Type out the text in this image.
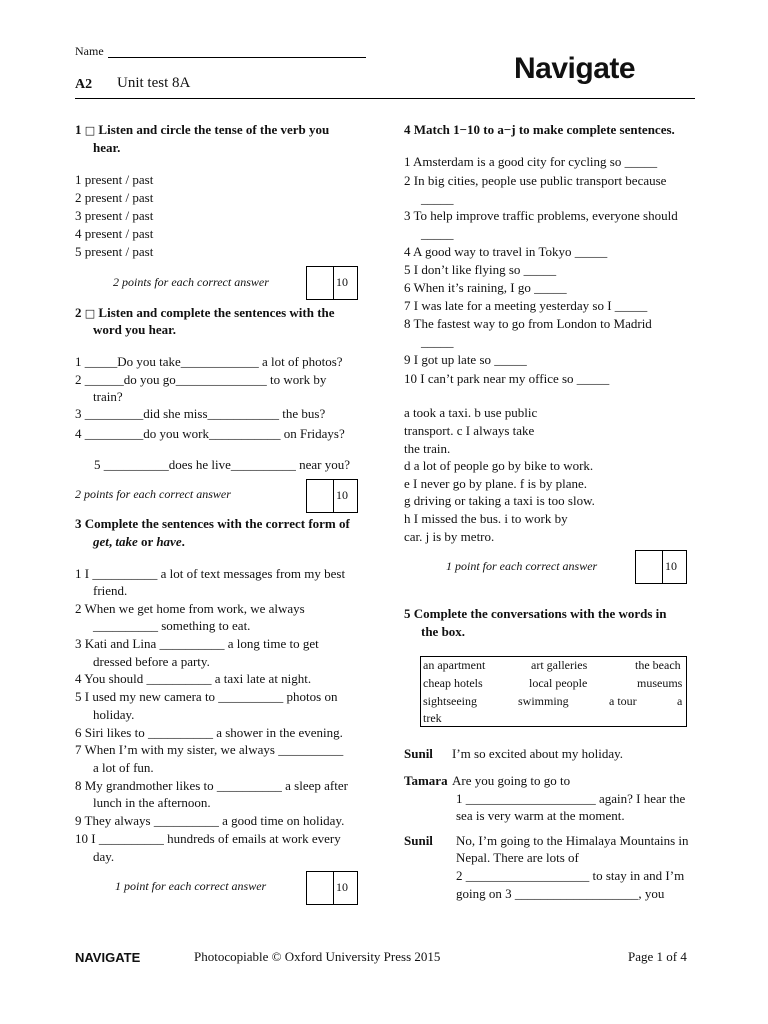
Name
A2 Unit test 8A	Navigate
1 □ Listen and circle the tense of the verb you
hear.
1 present / past
2 present / past
3 present / past
4 present / past
5 present / past
2 points for each correct answer	10
2 □ Listen and complete the sentences with the
word you hear.
1 _____Do you take____________ a lot of photos?
2 ______do you go______________ to work by
train?
3 _________did she miss___________ the bus?
4 _________do you work___________ on Fridays?
5 __________does he live__________ near you?
2 points for each correct answer	10
3 Complete the sentences with the correct form of
get, take or have.
1 I __________ a lot of text messages from my best
friend.
2 When we get home from work, we always
__________ something to eat.
3 Kati and Lina __________ a long time to get
dressed before a party.
4 You should __________ a taxi late at night.
5 I used my new camera to __________ photos on
holiday.
6 Siri likes to __________ a shower in the evening.
7 When I’m with my sister, we always __________
a lot of fun.
8 My grandmother likes to __________ a sleep after
lunch in the afternoon.
9 They always __________ a good time on holiday.
10 I __________ hundreds of emails at work every
day.
1 point for each correct answer	10
4 Match 1−10 to a−j to make complete sentences.
1 Amsterdam is a good city for cycling so _____
2 In big cities, people use public transport because
_____
3 To help improve traffic problems, everyone should
_____
4 A good way to travel in Tokyo _____
5 I don’t like flying so _____
6 When it’s raining, I go _____
7 I was late for a meeting yesterday so I _____
8 The fastest way to go from London to Madrid
_____
9 I got up late so _____
10 I can’t park near my office so _____
a took a taxi. b use public
transport. c I always take
the train.
d a lot of people go by bike to work.
e I never go by plane. f is by plane.
g driving or taking a taxi is too slow.
h I missed the bus. i to work by
car. j is by metro.
1 point for each correct answer	10
5 Complete the conversations with the words in
the box.
an apartment	art galleries	the beach
cheap hotels	local people	museums
sightseeing	swimming	a tour	a
trek
Sunil I’m so excited about my holiday.
Tamara Are you going to go to
1 ____________________ again? I hear the
sea is very warm at the moment.
Sunil No, I’m going to the Himalaya Mountains in
Nepal. There are lots of
2 ___________________ to stay in and I’m
going on 3 ___________________, you
NAVIGATE	Photocopiable © Oxford University Press 2015	Page 1 of 4
